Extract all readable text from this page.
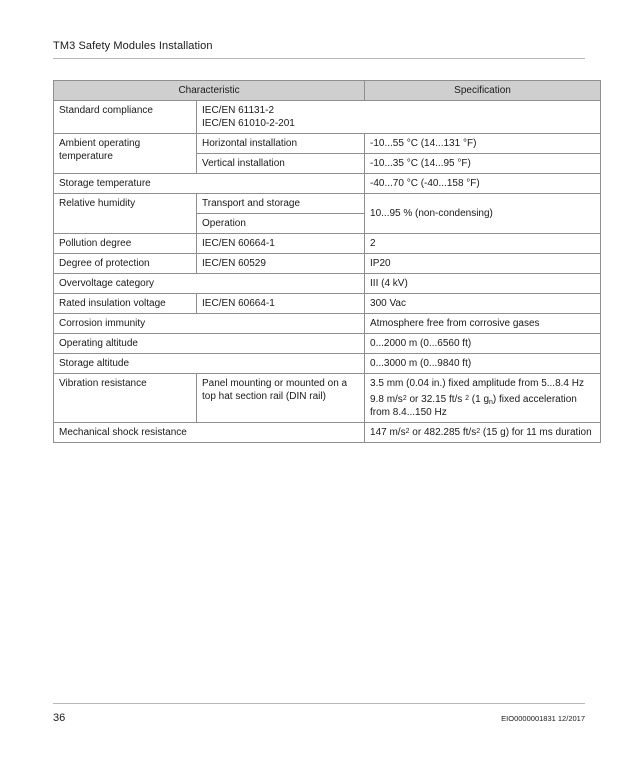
TM3 Safety Modules Installation
Characteristic		Specification
Standard compliance	IEC/EN 61131-2
IEC/EN 61010-2-201	

Ambient operating temperature	Horizontal installation	-10...55 °C (14...131 °F)
	Vertical installation	-10...35 °C (14...95 °F)
Storage temperature		-40...70 °C (-40...158 °F)
Relative humidity	Transport and storage	10...95 % (non-condensing)
	Operation	
Pollution degree	IEC/EN 60664-1	2
Degree of protection	IEC/EN 60529	IP20
Overvoltage category		III (4 kV)
Rated insulation voltage	IEC/EN 60664-1	300 Vac
Corrosion immunity		Atmosphere free from corrosive gases
Operating altitude		0...2000 m (0...6560 ft)
Storage altitude		0...3000 m (0...9840 ft)
Vibration resistance	Panel mounting or mounted on a top hat section rail (DIN rail)	3.5 mm (0.04 in.) fixed amplitude from 5...8.4 Hz
9.8 $m/s^2$ or 32.15 ft/s $^2$ (1 $g_n$) fixed acceleration from 8.4...150 Hz

Mechanical shock resistance		147 $m/s^2$ or 482.285 $ft/s^2$ (15 g) for 11 ms duration
36	EIO0000001831 12/2017
